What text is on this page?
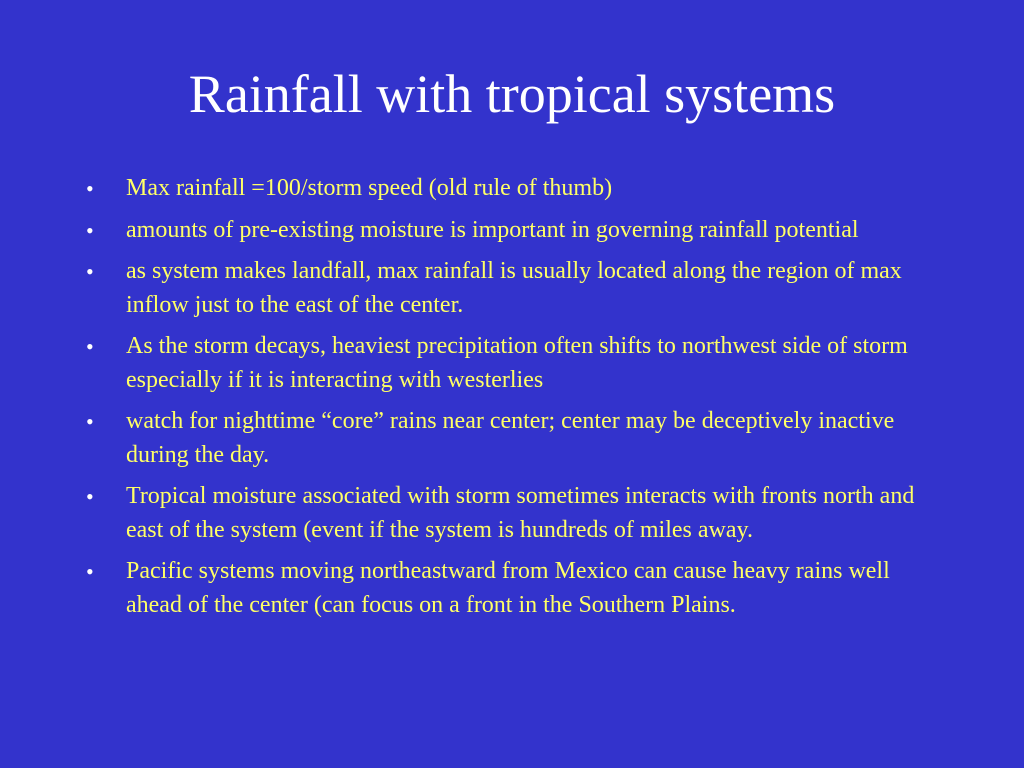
Rainfall with tropical systems
• Max rainfall =100/storm speed (old rule of thumb)
• amounts of pre-existing moisture is important in governing rainfall potential
• as system makes landfall, max rainfall is usually located along the region of max inflow just to the east of the center.
• As the storm decays, heaviest precipitation often shifts to northwest side of storm especially if it is interacting with westerlies
• watch for nighttime “core” rains near center; center may be deceptively inactive during the day.
• Tropical moisture associated with storm sometimes interacts with fronts north and east of the system (event if the system is hundreds of miles away.
• Pacific systems moving northeastward from Mexico can cause heavy rains well ahead of the center (can focus on a front in the Southern Plains.
